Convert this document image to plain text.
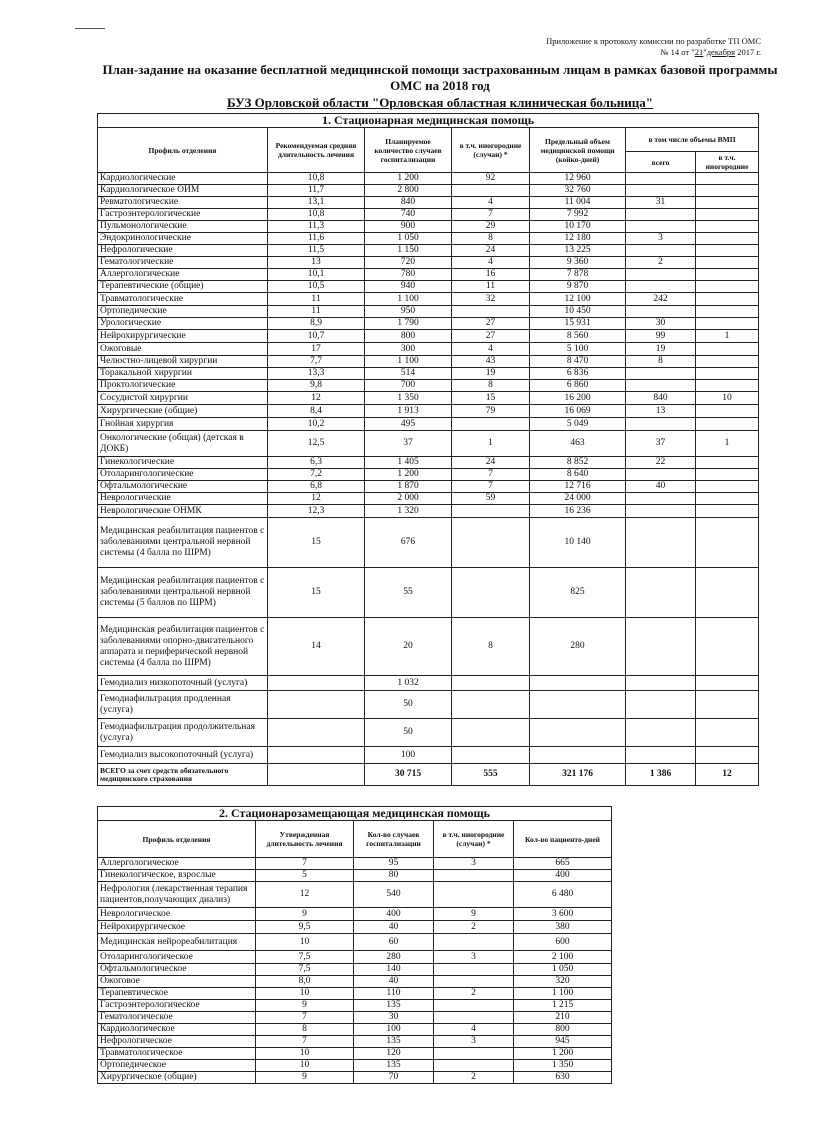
Приложение к протоколу комиссии по разработке ТП ОМС
№ 14 от "21"декабря 2017 г.
План-задание на оказание бесплатной медицинской помощи застрахованным лицам в рамках базовой программы
ОМС на 2018 год
БУЗ Орловской области "Орловская областная клиническая больница"
1. Стационарная медицинская помощь						
Профиль отделения	Рекомендуемая средняя длительность лечения	Планируемое количество случаев госпитализации	в т.ч. иногородние (случаи) *	Предельный объем медицинской помощи (койко-дней)	в том числе объемы ВМП	
					всего	в т.ч. иногородние
Кардиологические	10,8	1 200	92	12 960		
Кардиологическое ОИМ	11,7	2 800		32 760		
Ревматологические	13,1	840	4	11 004	31	
Гастроэнтерологические	10,8	740	7	7 992		
Пульмонологические	11,3	900	29	10 170		
Эндокринологические	11,6	1 050	8	12 180	3	
Нефрологические	11,5	1 150	24	13 225		
Гематологические	13	720	4	9 360	2	
Аллергологические	10,1	780	16	7 878		
Терапевтические (общие)	10,5	940	11	9 870		
Травматологические	11	1 100	32	12 100	242	
Ортопедические	11	950		10 450		
Урологические	8,9	1 790	27	15 931	30	
Нейрохирургические	10,7	800	27	8 560	99	1
Ожоговые	17	300	4	5 100	19	
Челюстно-лицевой хирургии	7,7	1 100	43	8 470	8	
Торакальной хирургии	13,3	514	19	6 836		
Проктологические	9,8	700	8	6 860		
Сосудистой хирургии	12	1 350	15	16 200	840	10
Хирургические (общие)	8,4	1 913	79	16 069	13	
Гнойная хирургия	10,2	495		5 049		
Онкологические (общая) (детская в ДОКБ)	12,5	37	1	463	37	1
Гинекологические	6,3	1 405	24	8 852	22	
Отоларингологические	7,2	1 200	7	8 640		
Офтальмологические	6,8	1 870	7	12 716	40	
Неврологические	12	2 000	59	24 000		
Неврологические ОНМК	12,3	1 320		16 236		
Медицинская реабилитация пациентов с заболеваниями центральной нервной системы (4 балла по ШРМ)	15	676		10 140		
Медицинская реабилитация пациентов с заболеваниями центральной нервной системы (5 баллов по ШРМ)	15	55		825		
Медицинская реабилитация пациентов с заболеваниями опорно-двигательного аппарата и периферической нервной системы (4 балла по ШРМ)	14	20	8	280		
Гемодиализ низкопоточный (услуга)		1 032				
Гемодиафильтрация продленная (услуга)		50				
Гемодиафильтрация продолжительная (услуга)		50				
Гемодиализ высокопоточный (услуга)		100				
ВСЕГО за счет средств обязательного медицинского страхования		30 715	555	321 176	1 386	12
2. Стационарозамещающая медицинская помощь				
Профиль отделения	Утвержденная длительность лечения	Кол-во случаев госпитализации	в т.ч. иногородние (случаи) *	Кол-во пациенто-дней
Аллергологическое	7	95	3	665
Гинекологическое, взрослые	5	80		400
Нефрология (лекарственная терапия пациентов,получающих диализ)	12	540		6 480
Неврологическое	9	400	9	3 600
Нейрохирургическое	9,5	40	2	380
Медицинская нейрореабилитация	10	60		600
Отоларингологическое	7,5	280	3	2 100
Офтальмологическое	7,5	140		1 050
Ожоговое	8,0	40		320
Терапевтическое	10	110	2	1 100
Гастроэнтерологическое	9	135		1 215
Гематологическое	7	30		210
Кардиологическое	8	100	4	800
Нефрологическое	7	135	3	945
Травматологическое	10	120		1 200
Ортопедическое	10	135		1 350
Хирургическое (общие)	9	70	2	630
